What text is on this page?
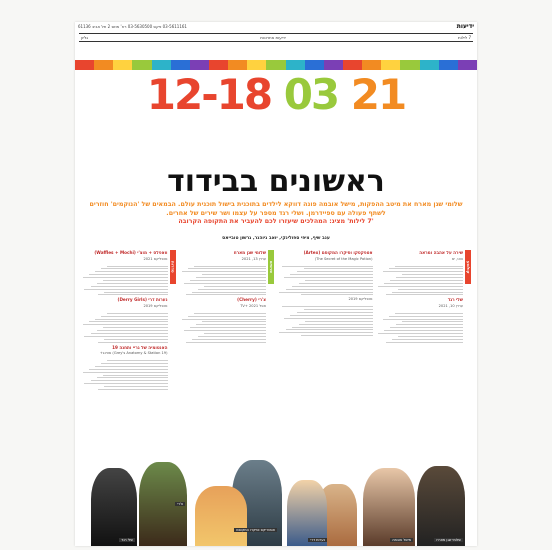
ידיעות
03-5611161 פקס 03-5630500 רח' מוזס 2 תל אביב 61136
7 לילות
ידיעות אחרונות
גליון
12-18 03 21
ראשונים בבידוד
שלומי שגן מארח את מיטב ההפקות, מישל אובמה פונה דווקא לילדים בתוכנית בישול תוכנית עולם. הבמאים של 'הנוקמים' חוזרים לשתף פעולה עם ספיידרמן. ושלי רגד מספר על עצמו ושר שירים של אחרים.
'7 לילות' מציג: המהלכים שיעזרו לכם להעביר את התקופה הקרובה
ענב שיף, ציפי ספולינקי, יואב גיוהנר, גרשון טובייאס
סדרות
וואפלס + מוצ'י (Waffles + Mochi)
נטפליקס 2021
נערות דרי (Derry Girls)
נטפליקס 2019
האנטומיה של גריי ותחנה 19
(Grey's Anatomy & Station 19) סטינג+
סרטים
שלומי שגן מארח
ערוץ 13, 2021
צ'רי (Cherry)
אפל TV+ 2021
אטפקסקו וסיקרו המקוסם (Artex)
(The Secret of the Magic Potion)
נטפליקס 2019
קולנוע
שירה על אהבה ומראה
הוט, יס
שלי רגד
ערוץ 10, 2021
שלומי שגן מארח
מישל אובמה
נערות דרי
אסטריקס וסיקרו המקוסם
צ'רי
שלי רגד
